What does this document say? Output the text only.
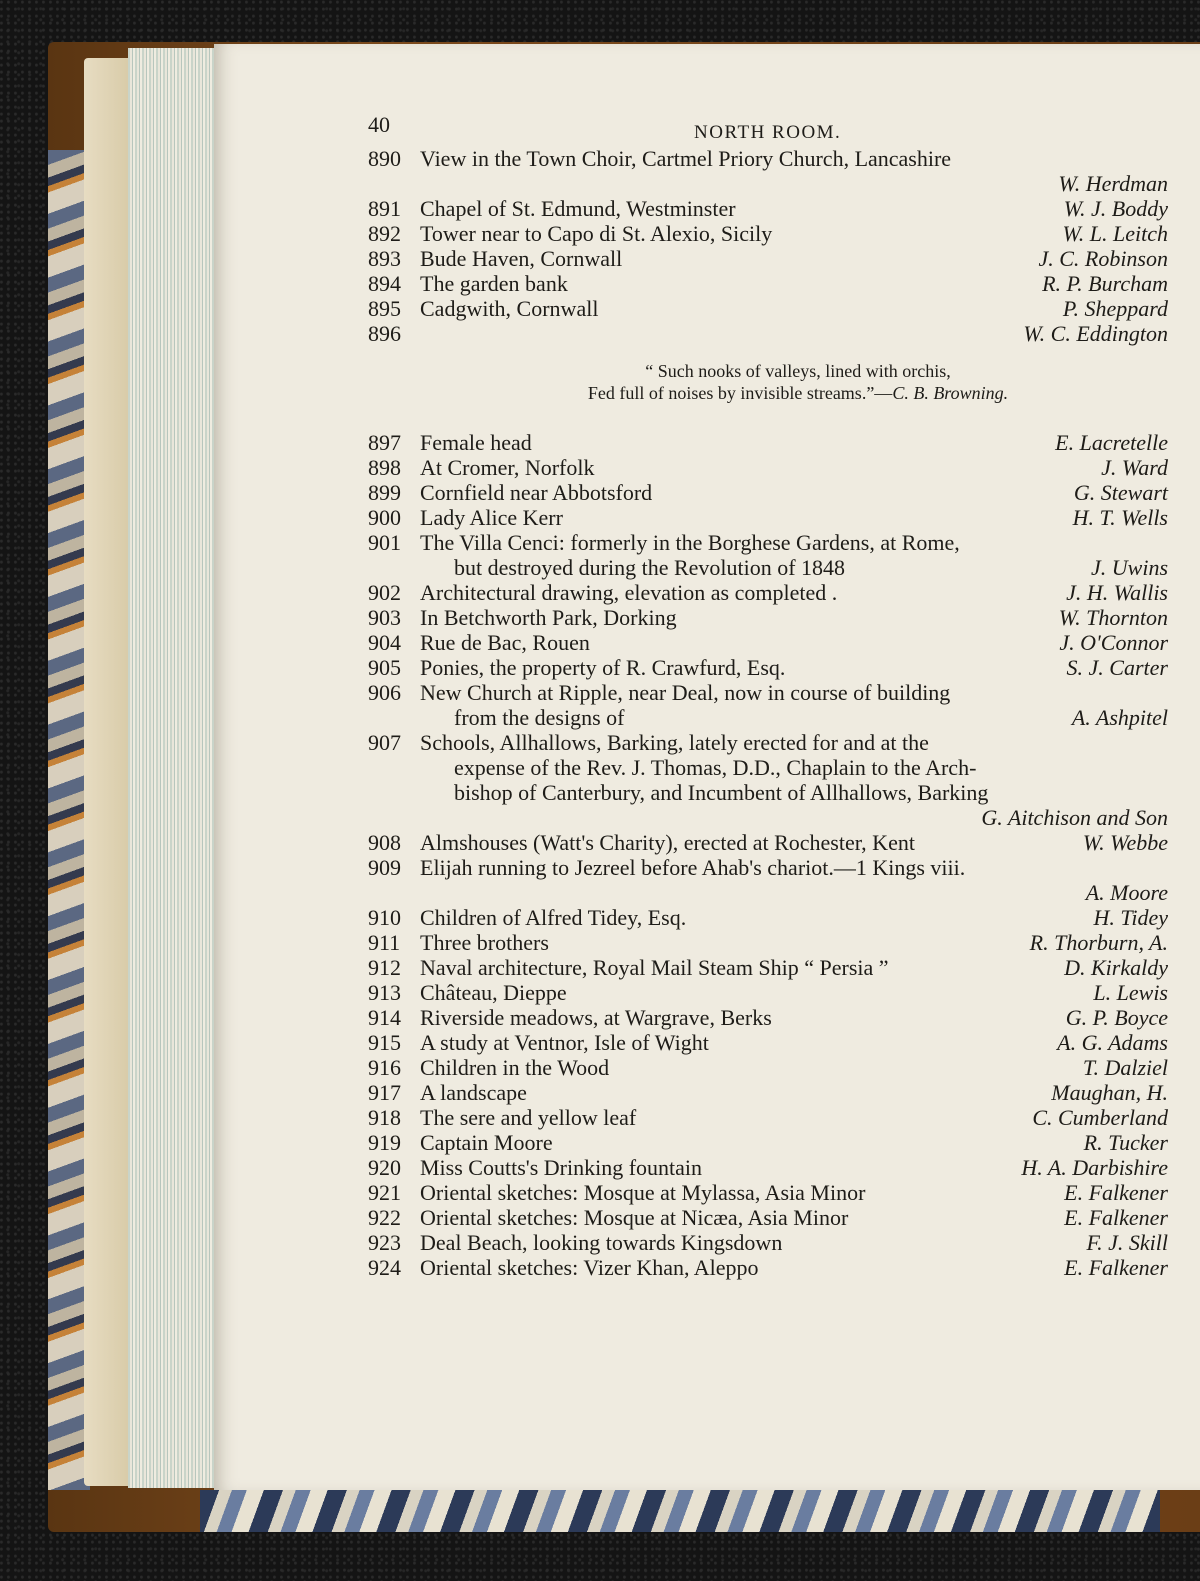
40	NORTH ROOM.
890 View in the Town Choir, Cartmel Priory Church, Lancashire
W. Herdman
891 Chapel of St. Edmund, Westminster	W. J. Boddy
892 Tower near to Capo di St. Alexio, Sicily	W. L. Leitch
893 Bude Haven, Cornwall	J. C. Robinson
894 The garden bank	R. P. Burcham
895 Cadgwith, Cornwall	P. Sheppard
896	W. C. Eddington
“ Such nooks of valleys, lined with orchis,
Fed full of noises by invisible streams.”—C. B. Browning.
897 Female head	E. Lacretelle
898 At Cromer, Norfolk	J. Ward
899 Cornfield near Abbotsford	G. Stewart
900 Lady Alice Kerr	H. T. Wells
901 The Villa Cenci: formerly in the Borghese Gardens, at Rome,
but destroyed during the Revolution of 1848	J. Uwins
902 Architectural drawing, elevation as completed .	J. H. Wallis
903 In Betchworth Park, Dorking	W. Thornton
904 Rue de Bac, Rouen	J. O'Connor
905 Ponies, the property of R. Crawfurd, Esq.	S. J. Carter
906 New Church at Ripple, near Deal, now in course of building
from the designs of	A. Ashpitel
907 Schools, Allhallows, Barking, lately erected for and at the
expense of the Rev. J. Thomas, D.D., Chaplain to the Arch-
bishop of Canterbury, and Incumbent of Allhallows, Barking
G. Aitchison and Son
908 Almshouses (Watt's Charity), erected at Rochester, Kent	W. Webbe
909 Elijah running to Jezreel before Ahab's chariot.—1 Kings viii.
A. Moore
910 Children of Alfred Tidey, Esq.	H. Tidey
911 Three brothers	R. Thorburn, A.
912 Naval architecture, Royal Mail Steam Ship “ Persia ”	D. Kirkaldy
913 Château, Dieppe	L. Lewis
914 Riverside meadows, at Wargrave, Berks	G. P. Boyce
915 A study at Ventnor, Isle of Wight	A. G. Adams
916 Children in the Wood	T. Dalziel
917 A landscape	Maughan, H.
918 The sere and yellow leaf	C. Cumberland
919 Captain Moore	R. Tucker
920 Miss Coutts's Drinking fountain	H. A. Darbishire
921 Oriental sketches: Mosque at Mylassa, Asia Minor	E. Falkener
922 Oriental sketches: Mosque at Nicæa, Asia Minor	E. Falkener
923 Deal Beach, looking towards Kingsdown	F. J. Skill
924 Oriental sketches: Vizer Khan, Aleppo	E. Falkener
